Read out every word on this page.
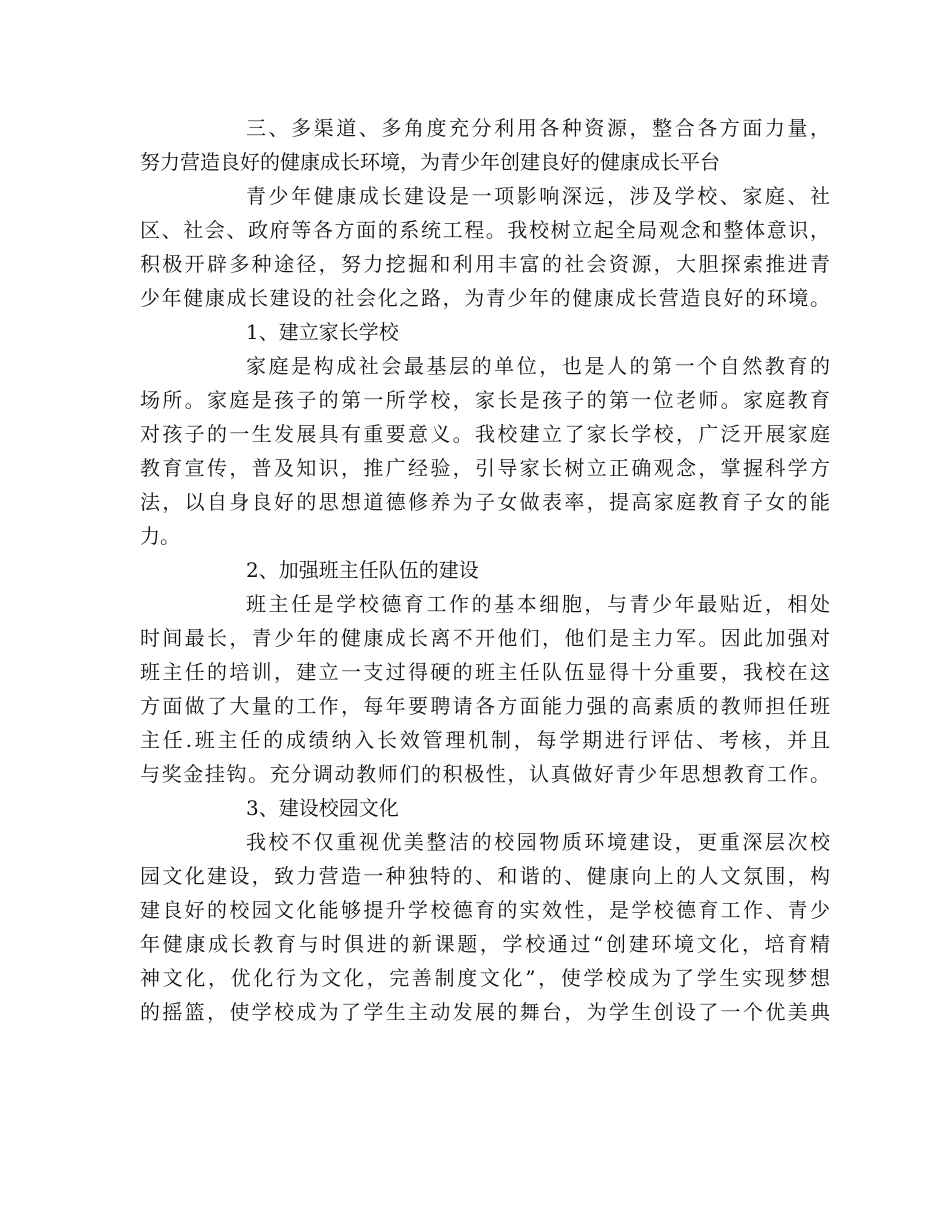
三、多渠道、多角度充分利用各种资源，整合各方面力量，
努力营造良好的健康成长环境，为青少年创建良好的健康成长平台
青少年健康成长建设是一项影响深远，涉及学校、家庭、社
区、社会、政府等各方面的系统工程。我校树立起全局观念和整体意识，
积极开辟多种途径，努力挖掘和利用丰富的社会资源，大胆探索推进青
少年健康成长建设的社会化之路，为青少年的健康成长营造良好的环境。
1、建立家长学校
家庭是构成社会最基层的单位，也是人的第一个自然教育的
场所。家庭是孩子的第一所学校，家长是孩子的第一位老师。家庭教育
对孩子的一生发展具有重要意义。我校建立了家长学校，广泛开展家庭
教育宣传，普及知识，推广经验，引导家长树立正确观念，掌握科学方
法，以自身良好的思想道德修养为子女做表率，提高家庭教育子女的能
力。
2、加强班主任队伍的建设
班主任是学校德育工作的基本细胞，与青少年最贴近，相处
时间最长，青少年的健康成长离不开他们，他们是主力军。因此加强对
班主任的培训，建立一支过得硬的班主任队伍显得十分重要，我校在这
方面做了大量的工作，每年要聘请各方面能力强的高素质的教师担任班
主任.班主任的成绩纳入长效管理机制，每学期进行评估、考核，并且
与奖金挂钩。充分调动教师们的积极性，认真做好青少年思想教育工作。
3、建设校园文化
我校不仅重视优美整洁的校园物质环境建设，更重深层次校
园文化建设，致力营造一种独特的、和谐的、健康向上的人文氛围，构
建良好的校园文化能够提升学校德育的实效性，是学校德育工作、青少
年健康成长教育与时俱进的新课题，学校通过“创建环境文化，培育精
神文化，优化行为文化，完善制度文化”，使学校成为了学生实现梦想
的摇篮，使学校成为了学生主动发展的舞台，为学生创设了一个优美典
